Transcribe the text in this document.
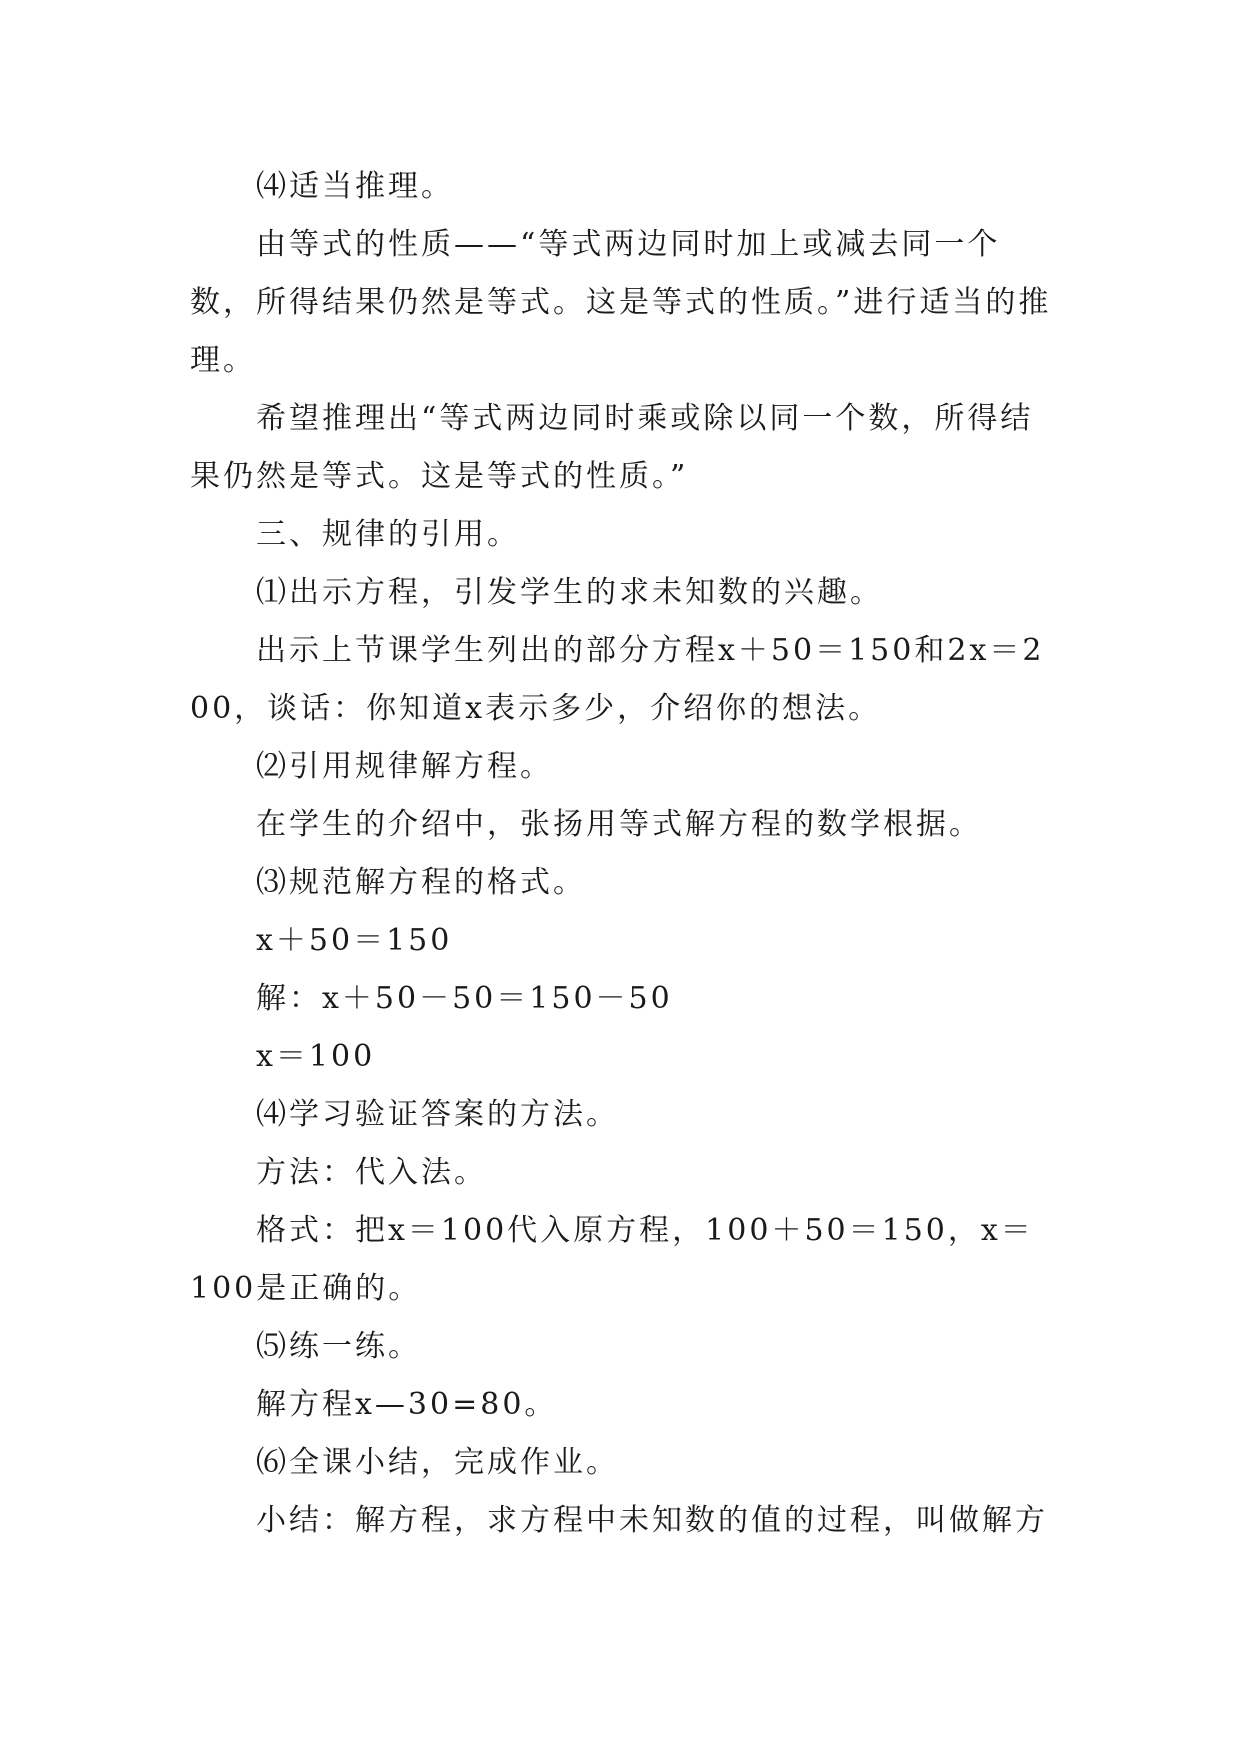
⑷适当推理。

由等式的性质——“等式两边同时加上或减去同一个数，所得结果仍然是等式。这是等式的性质。”进行适当的推理。

希望推理出“等式两边同时乘或除以同一个数，所得结果仍然是等式。这是等式的性质。”

三、规律的引用。

⑴出示方程，引发学生的求未知数的兴趣。

出示上节课学生列出的部分方程x＋50＝150和2x＝200，谈话：你知道x表示多少，介绍你的想法。

⑵引用规律解方程。

在学生的介绍中，张扬用等式解方程的数学根据。

⑶规范解方程的格式。

x＋50＝150

解：x＋50－50＝150－50

x＝100

⑷学习验证答案的方法。

方法：代入法。

格式：把x＝100代入原方程，100＋50＝150，x＝100是正确的。

⑸练一练。

解方程x—30=80。

⑹全课小结，完成作业。

小结：解方程，求方程中未知数的值的过程，叫做解方
